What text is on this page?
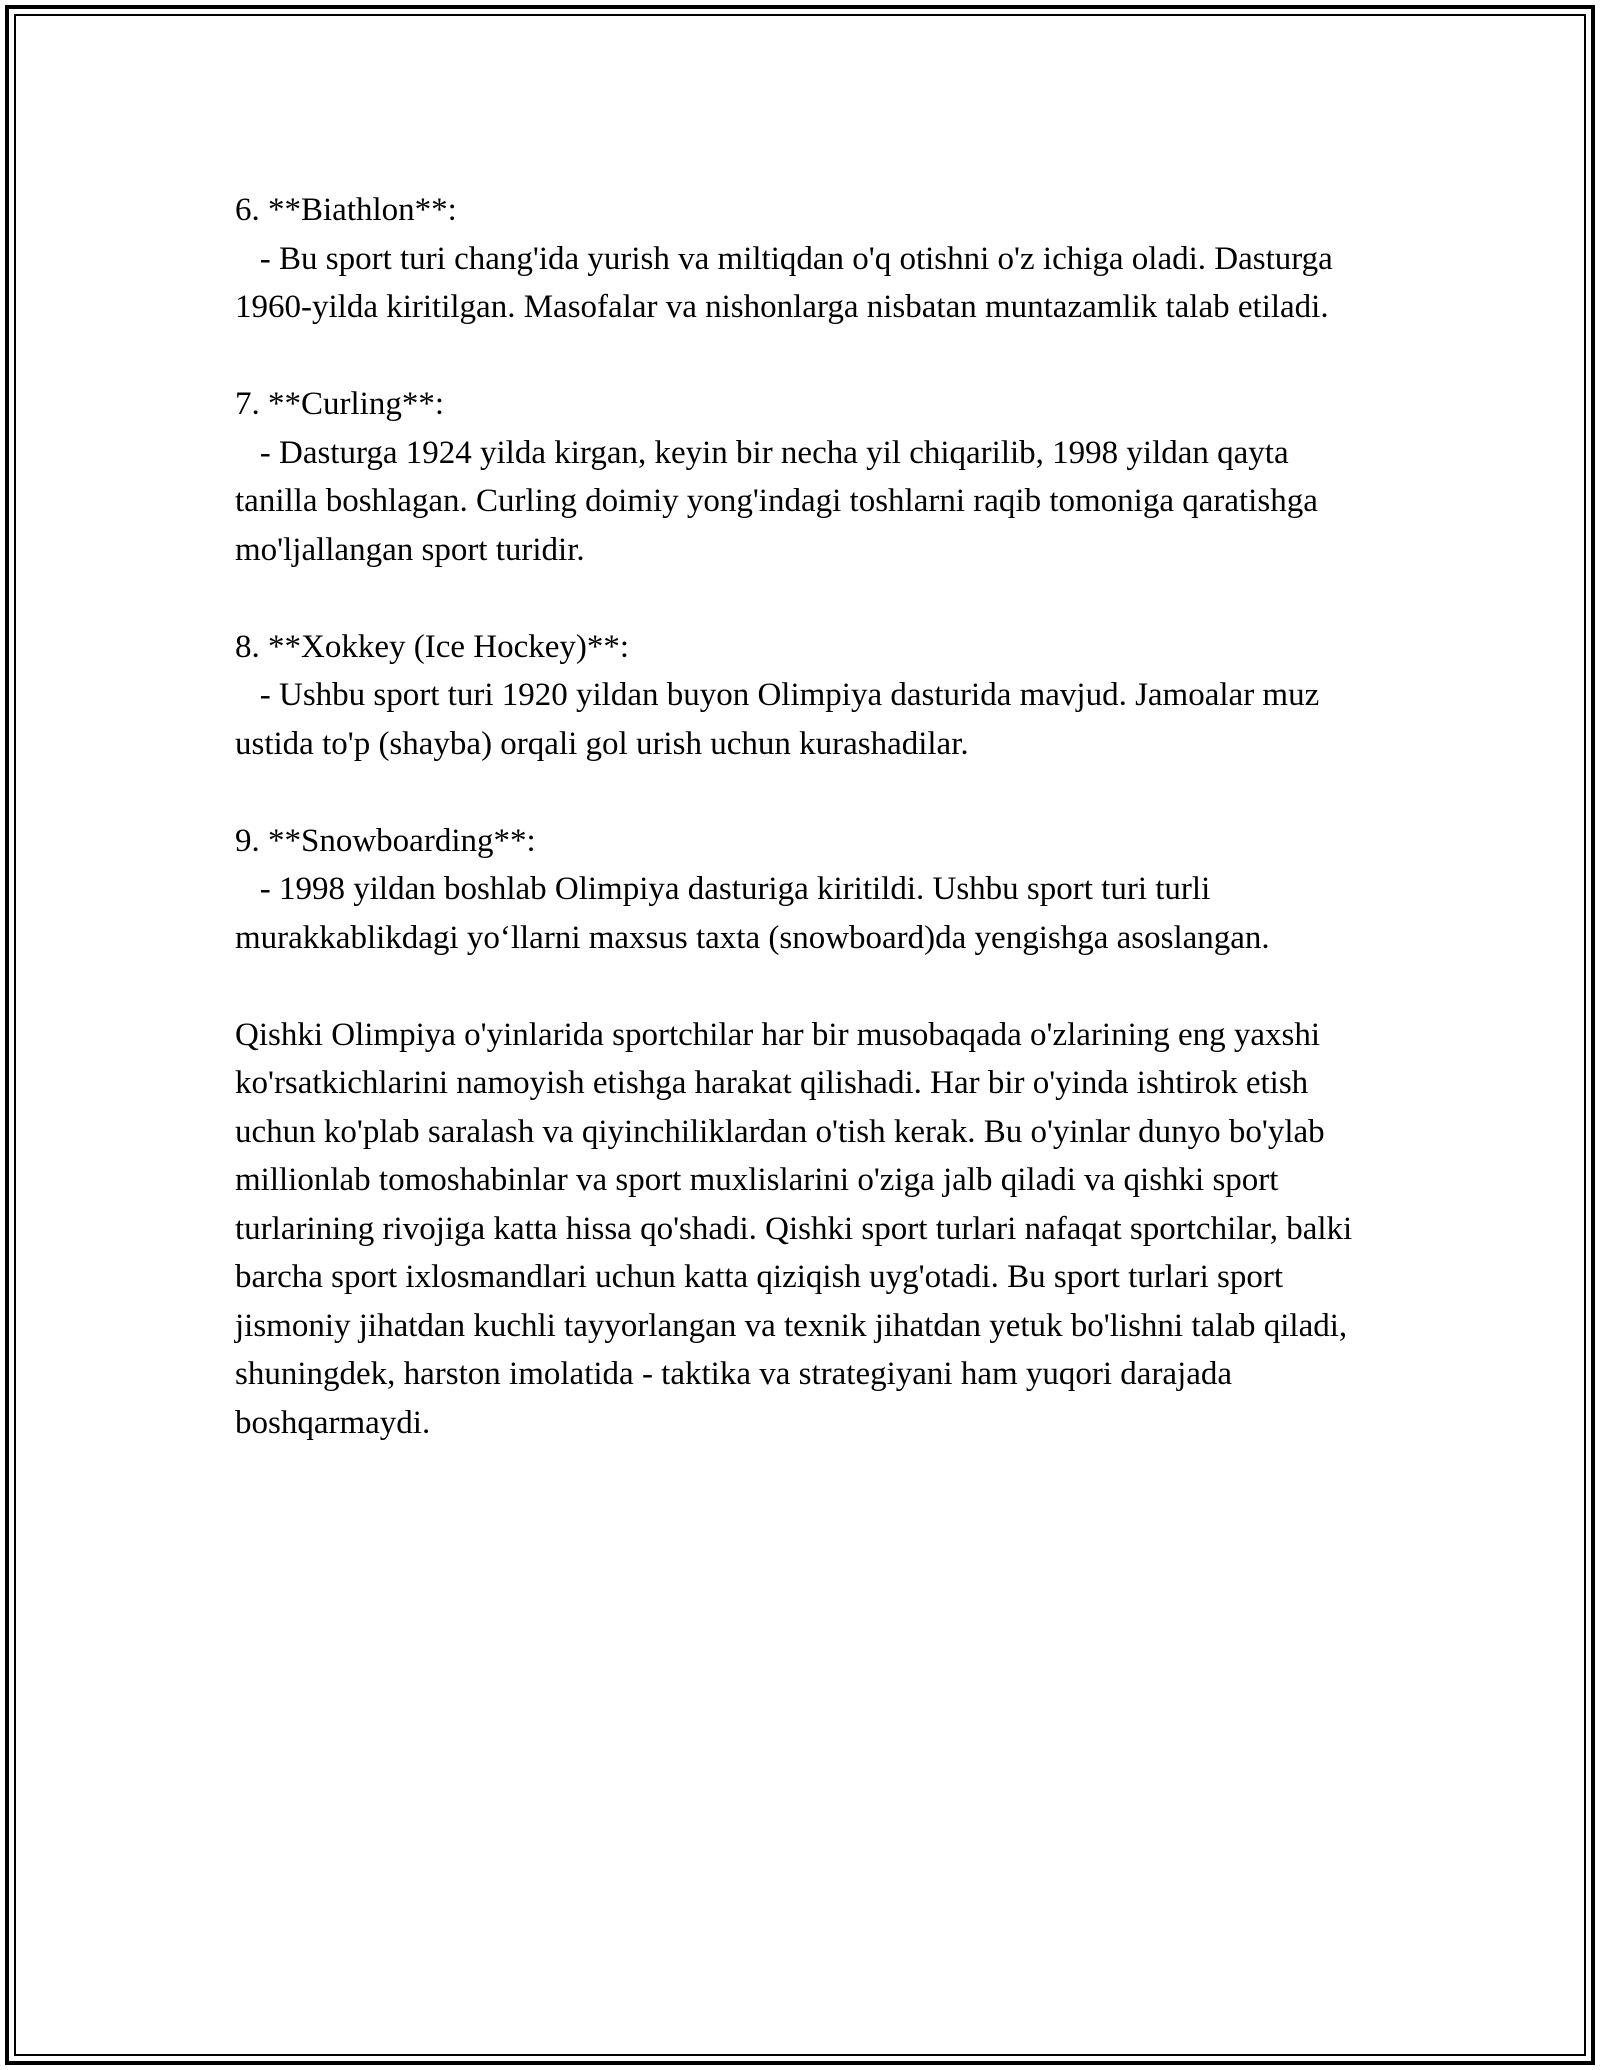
6. **Biathlon**:
- Bu sport turi chang'ida yurish va miltiqdan o'q otishni o'z ichiga oladi. Dasturga 1960-yilda kiritilgan. Masofalar va nishonlarga nisbatan muntazamlik talab etiladi.

7. **Curling**:
- Dasturga 1924 yilda kirgan, keyin bir necha yil chiqarilib, 1998 yildan qayta tanilla boshlagan. Curling doimiy yong'indagi toshlarni raqib tomoniga qaratishga mo'ljallangan sport turidir.

8. **Xokkey (Ice Hockey)**:
- Ushbu sport turi 1920 yildan buyon Olimpiya dasturida mavjud. Jamoalar muz ustida to'p (shayba) orqali gol urish uchun kurashadilar.

9. **Snowboarding**:
- 1998 yildan boshlab Olimpiya dasturiga kiritildi. Ushbu sport turi turli murakkablikdagi yo‘llarni maxsus taxta (snowboard)da yengishga asoslangan.

Qishki Olimpiya o'yinlarida sportchilar har bir musobaqada o'zlarining eng yaxshi ko'rsatkichlarini namoyish etishga harakat qilishadi. Har bir o'yinda ishtirok etish uchun ko'plab saralash va qiyinchiliklardan o'tish kerak. Bu o'yinlar dunyo bo'ylab millionlab tomoshabinlar va sport muxlislarini o'ziga jalb qiladi va qishki sport turlarining rivojiga katta hissa qo'shadi. Qishki sport turlari nafaqat sportchilar, balki barcha sport ixlosmandlari uchun katta qiziqish uyg'otadi. Bu sport turlari sport jismoniy jihatdan kuchli tayyorlangan va texnik jihatdan yetuk bo'lishni talab qiladi, shuningdek, harston imolatida - taktika va strategiyani ham yuqori darajada boshqarmaydi.
